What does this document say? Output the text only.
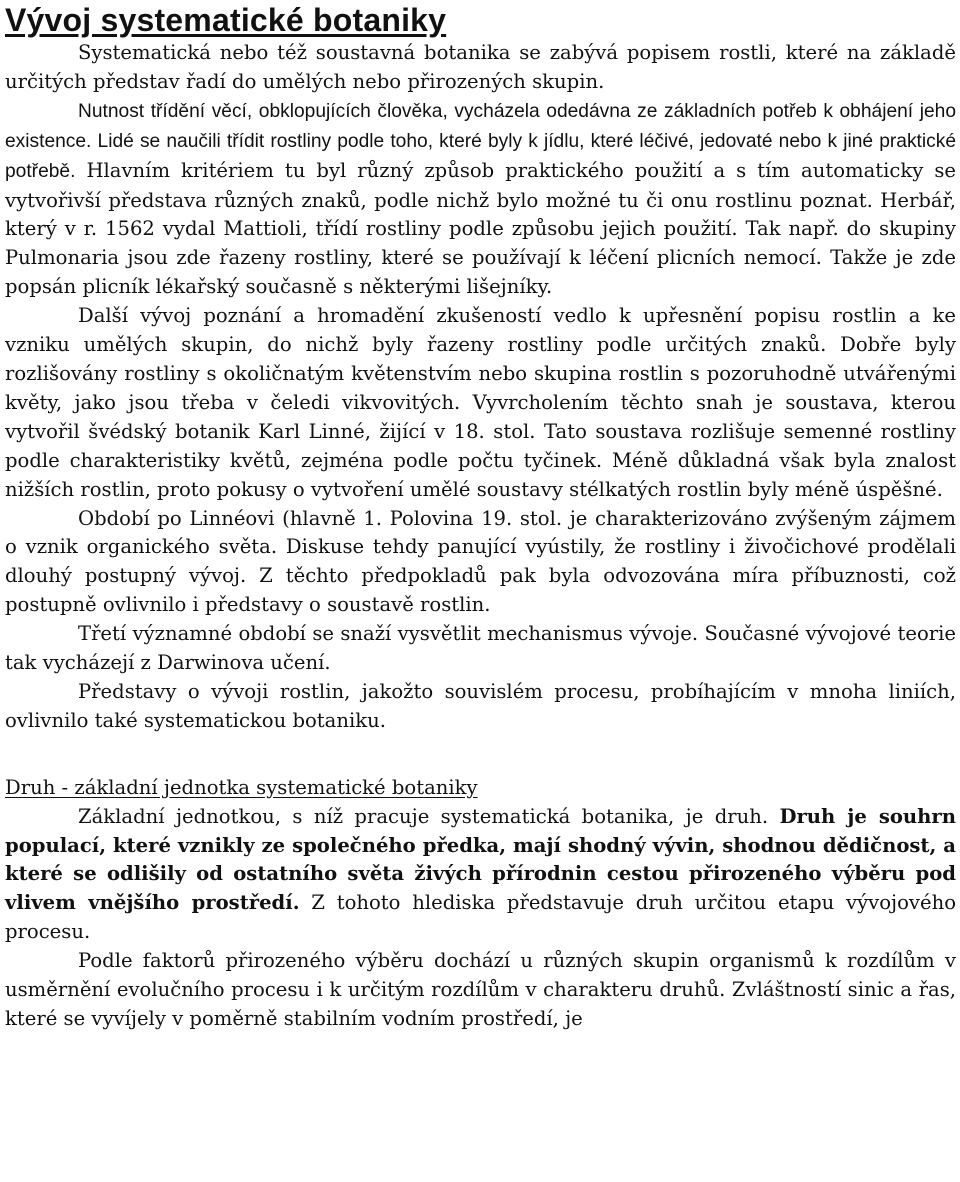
Vývoj systematické botaniky

Systematická nebo též soustavná botanika se zabývá popisem rostli, které na základě určitých představ řadí do umělých nebo přirozených skupin.

Nutnost třídění věcí, obklopujících člověka, vycházela odedávna ze základních potřeb k obhájení jeho existence. Lidé se naučili třídit rostliny podle toho, které byly k jídlu, které léčivé, jedovaté nebo k jiné praktické potřebě. Hlavním kritériem tu byl různý způsob praktického použití a s tím automaticky se vytvořivší představa různých znaků, podle nichž bylo možné tu či onu rostlinu poznat. Herbář, který v r. 1562 vydal Mattioli, třídí rostliny podle způsobu jejich použití. Tak např. do skupiny Pulmonaria jsou zde řazeny rostliny, které se používají k léčení plicních nemocí. Takže je zde popsán plicník lékařský současně s některými lišejníky.

Další vývoj poznání a hromadění zkušeností vedlo k upřesnění popisu rostlin a ke vzniku umělých skupin, do nichž byly řazeny rostliny podle určitých znaků. Dobře byly rozlišovány rostliny s okoličnatým květenstvím nebo skupina rostlin s pozoruhodně utvářenými květy, jako jsou třeba v čeledi vikvovitých. Vyvrcholením těchto snah je soustava, kterou vytvořil švédský botanik Karl Linné, žijící v 18. stol. Tato soustava rozlišuje semenné rostliny podle charakteristiky květů, zejména podle počtu tyčinek. Méně důkladná však byla znalost nižších rostlin, proto pokusy o vytvoření umělé soustavy stélkatých rostlin byly méně úspěšné.

Období po Linnéovi (hlavně 1. Polovina 19. stol. je charakterizováno zvýšeným zájmem o vznik organického světa. Diskuse tehdy panující vyústily, že rostliny i živočichové prodělali dlouhý postupný vývoj. Z těchto předpokladů pak byla odvozována míra příbuznosti, což postupně ovlivnilo i představy o soustavě rostlin.

Třetí významné období se snaží vysvětlit mechanismus vývoje. Současné vývojové teorie tak vycházejí z Darwinova učení.

Představy o vývoji rostlin, jakožto souvislém procesu, probíhajícím v mnoha liniích, ovlivnilo také systematickou botaniku.

Druh - základní jednotka systematické botaniky

Základní jednotkou, s níž pracuje systematická botanika, je druh. Druh je souhrn populací, které vznikly ze společného předka, mají shodný vývin, shodnou dědičnost, a které se odlišily od ostatního světa živých přírodnin cestou přirozeného výběru pod vlivem vnějšího prostředí. Z tohoto hlediska představuje druh určitou etapu vývojového procesu.

Podle faktorů přirozeného výběru dochází u různých skupin organismů k rozdílům v usměrnění evolučního procesu i k určitým rozdílům v charakteru druhů. Zvláštností sinic a řas, které se vyvíjely v poměrně stabilním vodním prostředí, je
